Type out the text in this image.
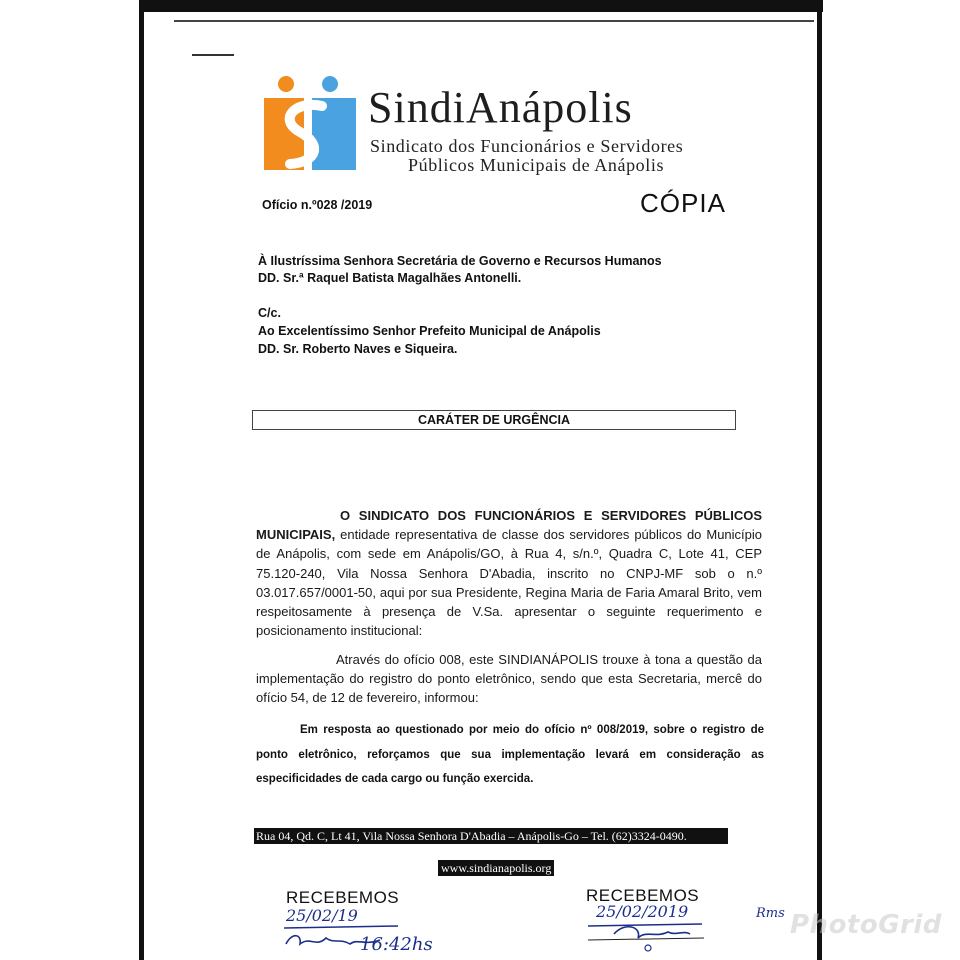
SindiAnápolis
Sindicato dos Funcionários e Servidores
Públicos Municipais de Anápolis
Ofício n.º028 /2019	CÓPIA
À Ilustríssima Senhora Secretária de Governo e Recursos Humanos
DD. Sr.ª Raquel Batista Magalhães Antonelli.
C/c.
Ao Excelentíssimo Senhor Prefeito Municipal de Anápolis
DD. Sr. Roberto Naves e Siqueira.
CARÁTER DE URGÊNCIA
O SINDICATO DOS FUNCIONÁRIOS E SERVIDORES PÚBLICOS MUNICIPAIS, entidade representativa de classe dos servidores públicos do Município de Anápolis, com sede em Anápolis/GO, à Rua 4, s/n.º, Quadra C, Lote 41, CEP 75.120-240, Vila Nossa Senhora D'Abadia, inscrito no CNPJ-MF sob o n.º 03.017.657/0001-50, aqui por sua Presidente, Regina Maria de Faria Amaral Brito, vem respeitosamente à presença de V.Sa. apresentar o seguinte requerimento e posicionamento institucional:
Através do ofício 008, este SINDIANÁPOLIS trouxe à tona a questão da implementação do registro do ponto eletrônico, sendo que esta Secretaria, mercê do ofício 54, de 12 de fevereiro, informou:
Em resposta ao questionado por meio do ofício nº 008/2019, sobre o registro de ponto eletrônico, reforçamos que sua implementação levará em consideração as especificidades de cada cargo ou função exercida.
Rua 04, Qd. C, Lt 41, Vila Nossa Senhora D'Abadia – Anápolis-Go – Tel. (62)3324-0490.
www.sindianapolis.org
RECEBEMOS
25/02/19
16:42hs
RECEBEMOS
25/02/2019	Rms PhotoGrid
